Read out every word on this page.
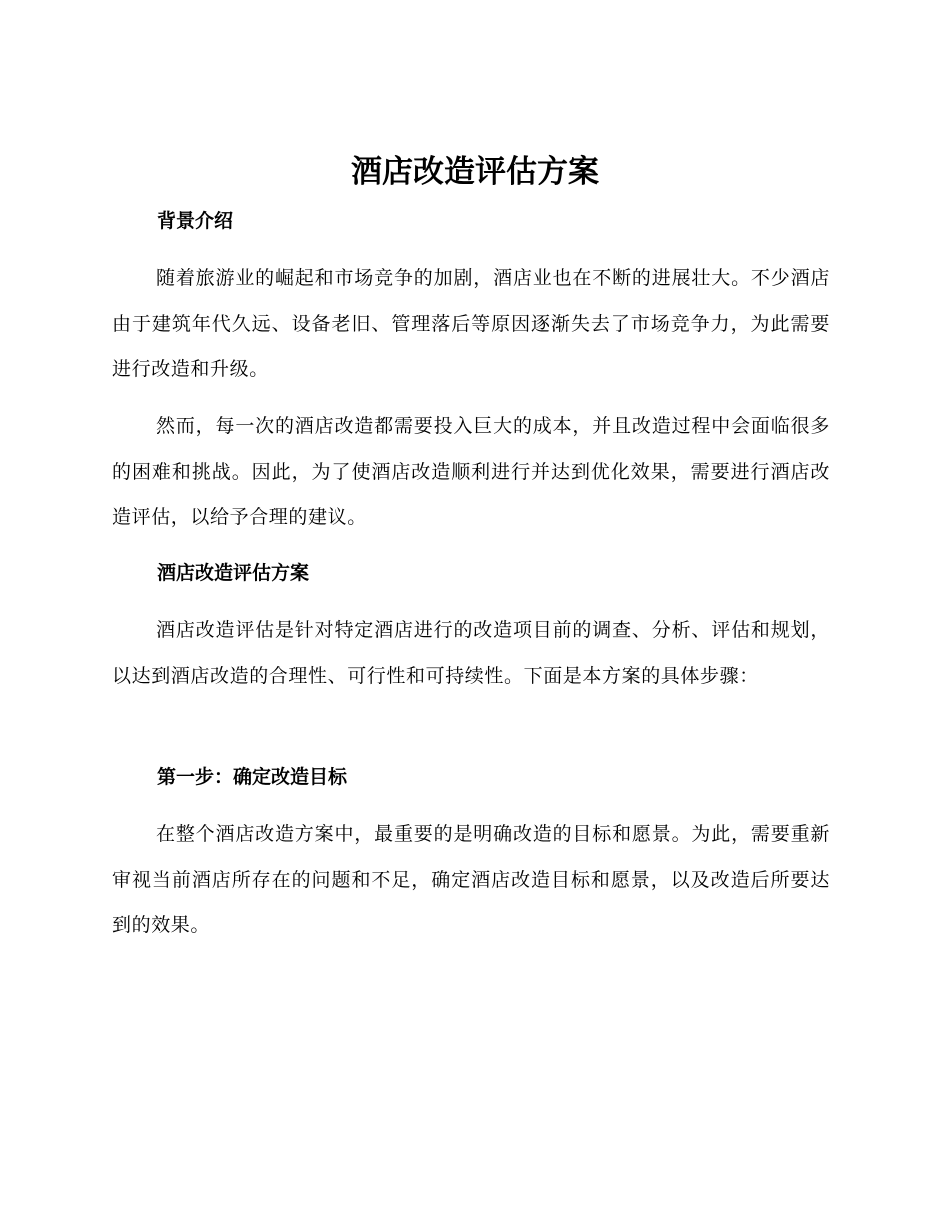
酒店改造评估方案
背景介绍
随着旅游业的崛起和市场竞争的加剧，酒店业也在不断的进展壮大。不少酒店由于建筑年代久远、设备老旧、管理落后等原因逐渐失去了市场竞争力，为此需要进行改造和升级。
然而，每一次的酒店改造都需要投入巨大的成本，并且改造过程中会面临很多的困难和挑战。因此，为了使酒店改造顺利进行并达到优化效果，需要进行酒店改造评估，以给予合理的建议。
酒店改造评估方案
酒店改造评估是针对特定酒店进行的改造项目前的调查、分析、评估和规划，以达到酒店改造的合理性、可行性和可持续性。下面是本方案的具体步骤：
第一步：确定改造目标
在整个酒店改造方案中，最重要的是明确改造的目标和愿景。为此，需要重新审视当前酒店所存在的问题和不足，确定酒店改造目标和愿景，以及改造后所要达到的效果。
